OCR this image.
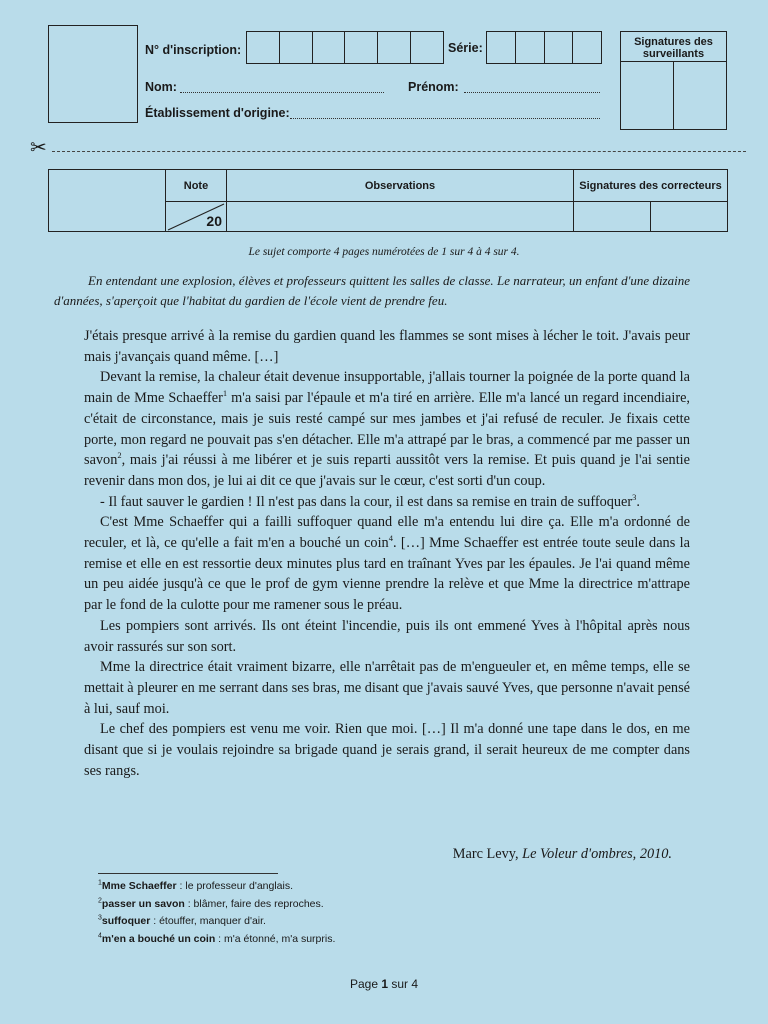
N° d'inscription:	Série:
Nom:	Prénom:
Établissement d'origine:
Signatures des surveillants
✂
	Note	Observations	Signatures des correcteurs	

	20			

Le sujet comporte 4 pages numérotées de 1 sur 4 à 4 sur 4.

En entendant une explosion, élèves et professeurs quittent les salles de classe. Le narrateur, un enfant d'une dizaine d'années, s'aperçoit que l'habitat du gardien de l'école vient de prendre feu.

J'étais presque arrivé à la remise du gardien quand les flammes se sont mises à lécher le toit. J'avais peur mais j'avançais quand même. […]

Devant la remise, la chaleur était devenue insupportable, j'allais tourner la poignée de la porte quand la main de Mme Schaeffer$^1$ m'a saisi par l'épaule et m'a tiré en arrière. Elle m'a lancé un regard incendiaire, c'était de circonstance, mais je suis resté campé sur mes jambes et j'ai refusé de reculer. Je fixais cette porte, mon regard ne pouvait pas s'en détacher. Elle m'a attrapé par le bras, a commencé par me passer un savon$^2$, mais j'ai réussi à me libérer et je suis reparti aussitôt vers la remise. Et puis quand je l'ai sentie revenir dans mon dos, je lui ai dit ce que j'avais sur le cœur, c'est sorti d'un coup.

- Il faut sauver le gardien ! Il n'est pas dans la cour, il est dans sa remise en train de suffoquer$^3$.

C'est Mme Schaeffer qui a failli suffoquer quand elle m'a entendu lui dire ça. Elle m'a ordonné de reculer, et là, ce qu'elle a fait m'en a bouché un coin$^4$. […] Mme Schaeffer est entrée toute seule dans la remise et elle en est ressortie deux minutes plus tard en traînant Yves par les épaules. Je l'ai quand même un peu aidée jusqu'à ce que le prof de gym vienne prendre la relève et que Mme la directrice m'attrape par le fond de la culotte pour me ramener sous le préau.

Les pompiers sont arrivés. Ils ont éteint l'incendie, puis ils ont emmené Yves à l'hôpital après nous avoir rassurés sur son sort.

Mme la directrice était vraiment bizarre, elle n'arrêtait pas de m'engueuler et, en même temps, elle se mettait à pleurer en me serrant dans ses bras, me disant que j'avais sauvé Yves, que personne n'avait pensé à lui, sauf moi.

Le chef des pompiers est venu me voir. Rien que moi. […] Il m'a donné une tape dans le dos, en me disant que si je voulais rejoindre sa brigade quand je serais grand, il serait heureux de me compter dans ses rangs.

Marc Levy, Le Voleur d'ombres, 2010.
$^1$Mme Schaeffer : le professeur d'anglais.
$^2$passer un savon : blâmer, faire des reproches.
$^3$suffoquer : étouffer, manquer d'air.
$^4$m'en a bouché un coin : m'a étonné, m'a surpris.
Page 1 sur 4
